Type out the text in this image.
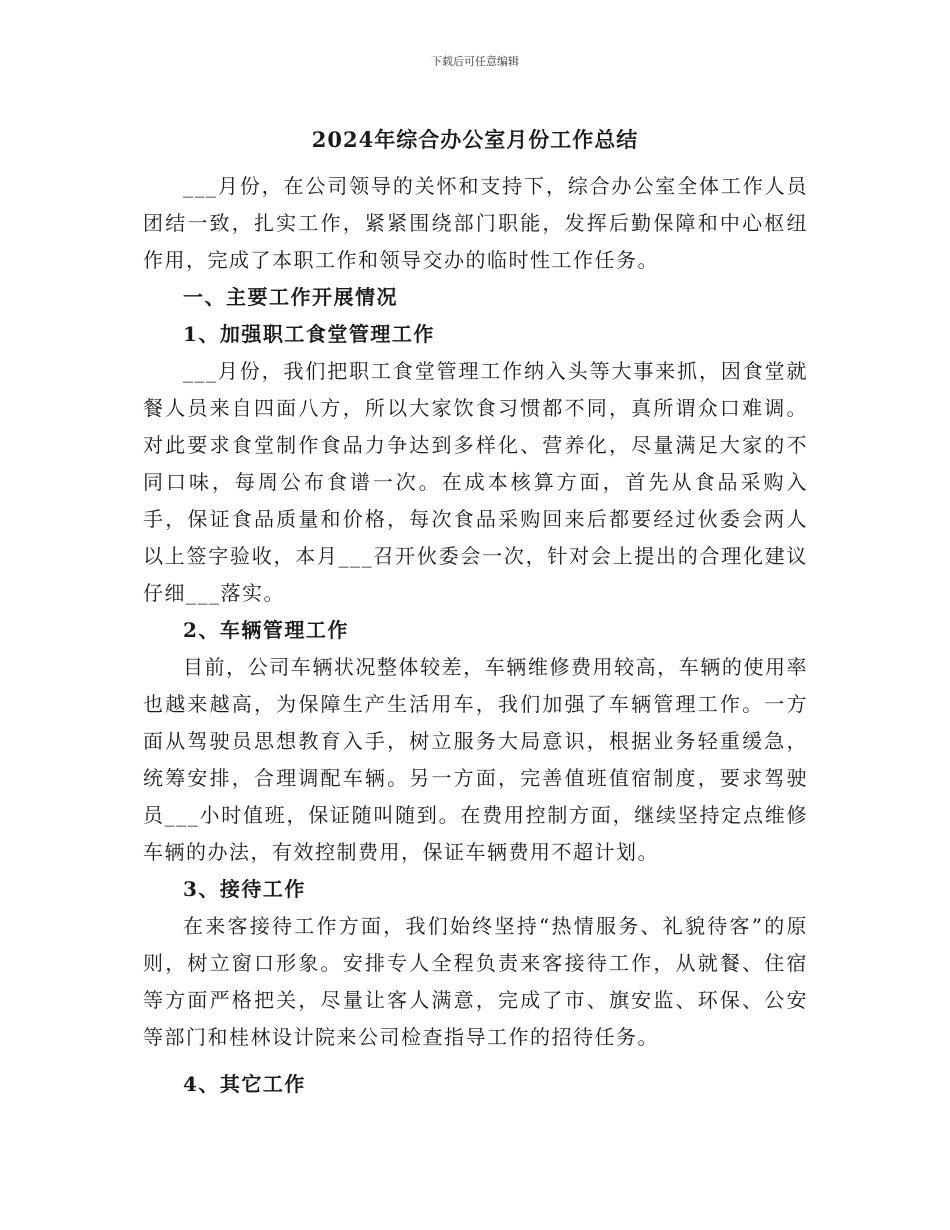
下载后可任意编辑
2024年综合办公室月份工作总结

___月份，在公司领导的关怀和支持下，综合办公室全体工作人员团结一致，扎实工作，紧紧围绕部门职能，发挥后勤保障和中心枢纽作用，完成了本职工作和领导交办的临时性工作任务。

一、主要工作开展情况

1、加强职工食堂管理工作

___月份，我们把职工食堂管理工作纳入头等大事来抓，因食堂就餐人员来自四面八方，所以大家饮食习惯都不同，真所谓众口难调。对此要求食堂制作食品力争达到多样化、营养化，尽量满足大家的不同口味，每周公布食谱一次。在成本核算方面，首先从食品采购入手，保证食品质量和价格，每次食品采购回来后都要经过伙委会两人以上签字验收，本月___召开伙委会一次，针对会上提出的合理化建议仔细___落实。

2、车辆管理工作

目前，公司车辆状况整体较差，车辆维修费用较高，车辆的使用率也越来越高，为保障生产生活用车，我们加强了车辆管理工作。一方面从驾驶员思想教育入手，树立服务大局意识，根据业务轻重缓急，统筹安排，合理调配车辆。另一方面，完善值班值宿制度，要求驾驶员___小时值班，保证随叫随到。在费用控制方面，继续坚持定点维修车辆的办法，有效控制费用，保证车辆费用不超计划。

3、接待工作

在来客接待工作方面，我们始终坚持“热情服务、礼貌待客”的原则，树立窗口形象。安排专人全程负责来客接待工作，从就餐、住宿等方面严格把关，尽量让客人满意，完成了市、旗安监、环保、公安等部门和桂林设计院来公司检查指导工作的招待任务。

4、其它工作
